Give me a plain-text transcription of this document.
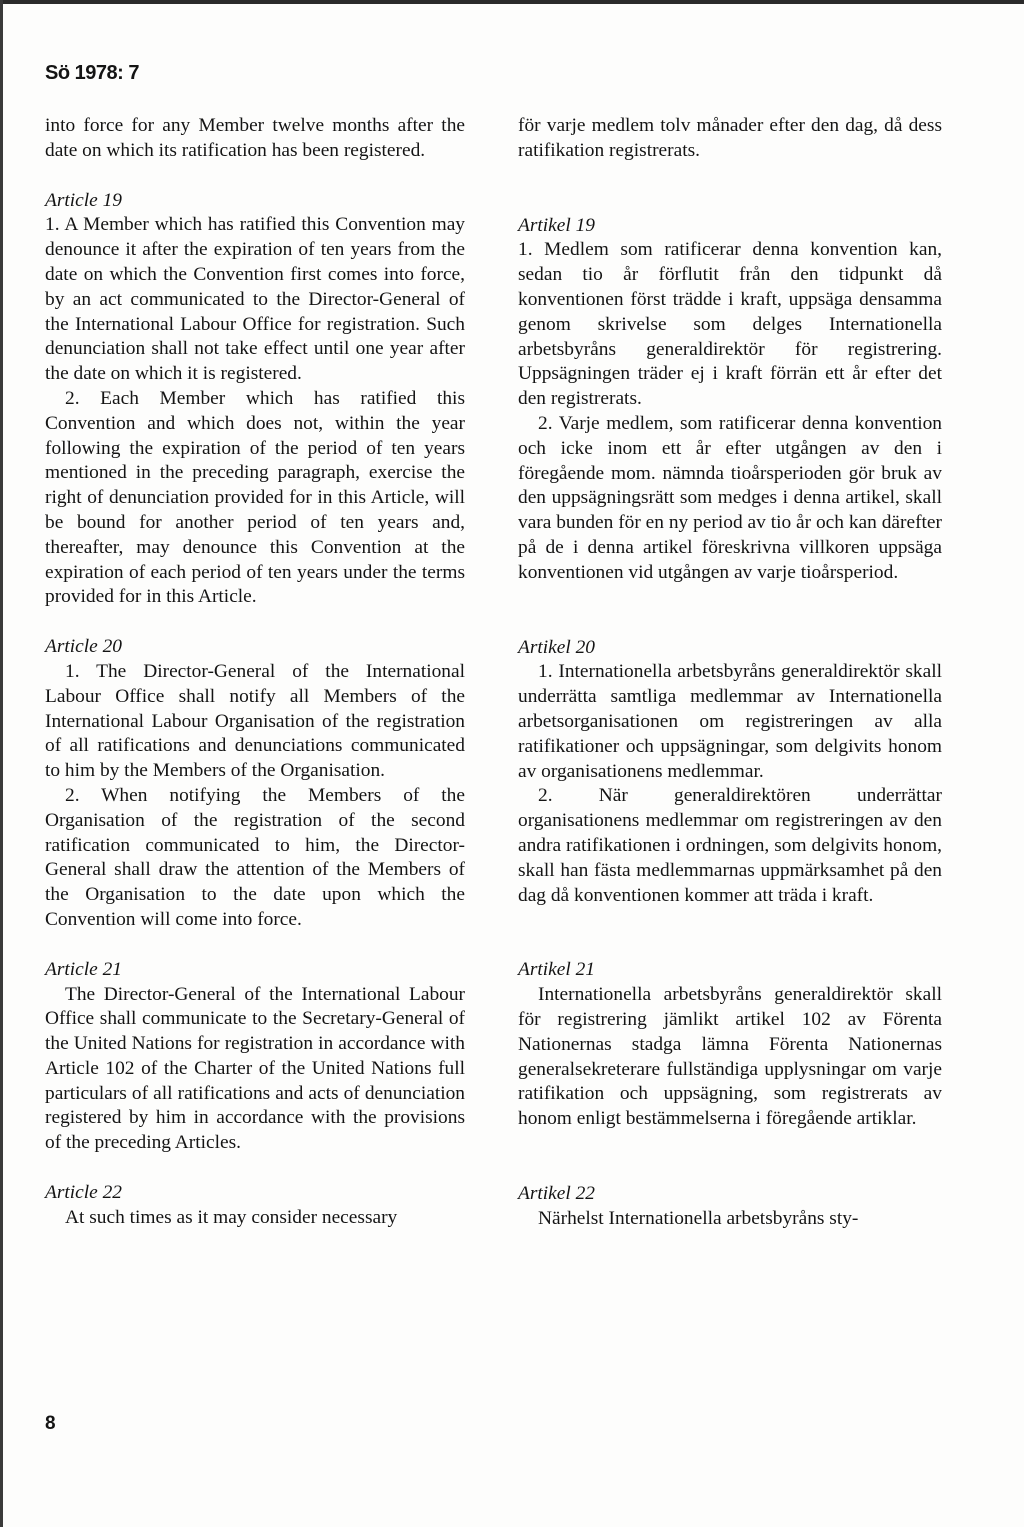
Sö 1978: 7

into force for any Member twelve months after the date on which its ratification has been registered.

Article 19

1. A Member which has ratified this Convention may denounce it after the expiration of ten years from the date on which the Convention first comes into force, by an act communicated to the Director-General of the International Labour Office for registration. Such denunciation shall not take effect until one year after the date on which it is registered.

2. Each Member which has ratified this Convention and which does not, within the year following the expiration of the period of ten years mentioned in the preceding paragraph, exercise the right of denunciation provided for in this Article, will be bound for another period of ten years and, thereafter, may denounce this Convention at the expiration of each period of ten years under the terms provided for in this Article.

Article 20

1. The Director-General of the International Labour Office shall notify all Members of the International Labour Organisation of the registration of all ratifications and denunciations communicated to him by the Members of the Organisation.

2. When notifying the Members of the Organisation of the registration of the second ratification communicated to him, the Director-General shall draw the attention of the Members of the Organisation to the date upon which the Convention will come into force.

Article 21

The Director-General of the International Labour Office shall communicate to the Secretary-General of the United Nations for registration in accordance with Article 102 of the Charter of the United Nations full particulars of all ratifications and acts of denunciation registered by him in accordance with the provisions of the preceding Articles.

Article 22

At such times as it may consider necessary

för varje medlem tolv månader efter den dag, då dess ratifikation registrerats.

Artikel 19

1. Medlem som ratificerar denna konvention kan, sedan tio år förflutit från den tidpunkt då konventionen först trädde i kraft, uppsäga densamma genom skrivelse som delges Internationella arbetsbyråns generaldirektör för registrering. Uppsägningen träder ej i kraft förrän ett år efter det den registrerats.

2. Varje medlem, som ratificerar denna konvention och icke inom ett år efter utgången av den i föregående mom. nämnda tioårsperioden gör bruk av den uppsägningsrätt som medges i denna artikel, skall vara bunden för en ny period av tio år och kan därefter på de i denna artikel föreskrivna villkoren uppsäga konventionen vid utgången av varje tioårsperiod.

Artikel 20

1. Internationella arbetsbyråns generaldirektör skall underrätta samtliga medlemmar av Internationella arbetsorganisationen om registreringen av alla ratifikationer och uppsägningar, som delgivits honom av organisationens medlemmar.

2. När generaldirektören underrättar organisationens medlemmar om registreringen av den andra ratifikationen i ordningen, som delgivits honom, skall han fästa medlemmarnas uppmärksamhet på den dag då konventionen kommer att träda i kraft.

Artikel 21

Internationella arbetsbyråns generaldirektör skall för registrering jämlikt artikel 102 av Förenta Nationernas stadga lämna Förenta Nationernas generalsekreterare fullständiga upplysningar om varje ratifikation och uppsägning, som registrerats av honom enligt bestämmelserna i föregående artiklar.

Artikel 22

Närhelst Internationella arbetsbyråns sty-

8
